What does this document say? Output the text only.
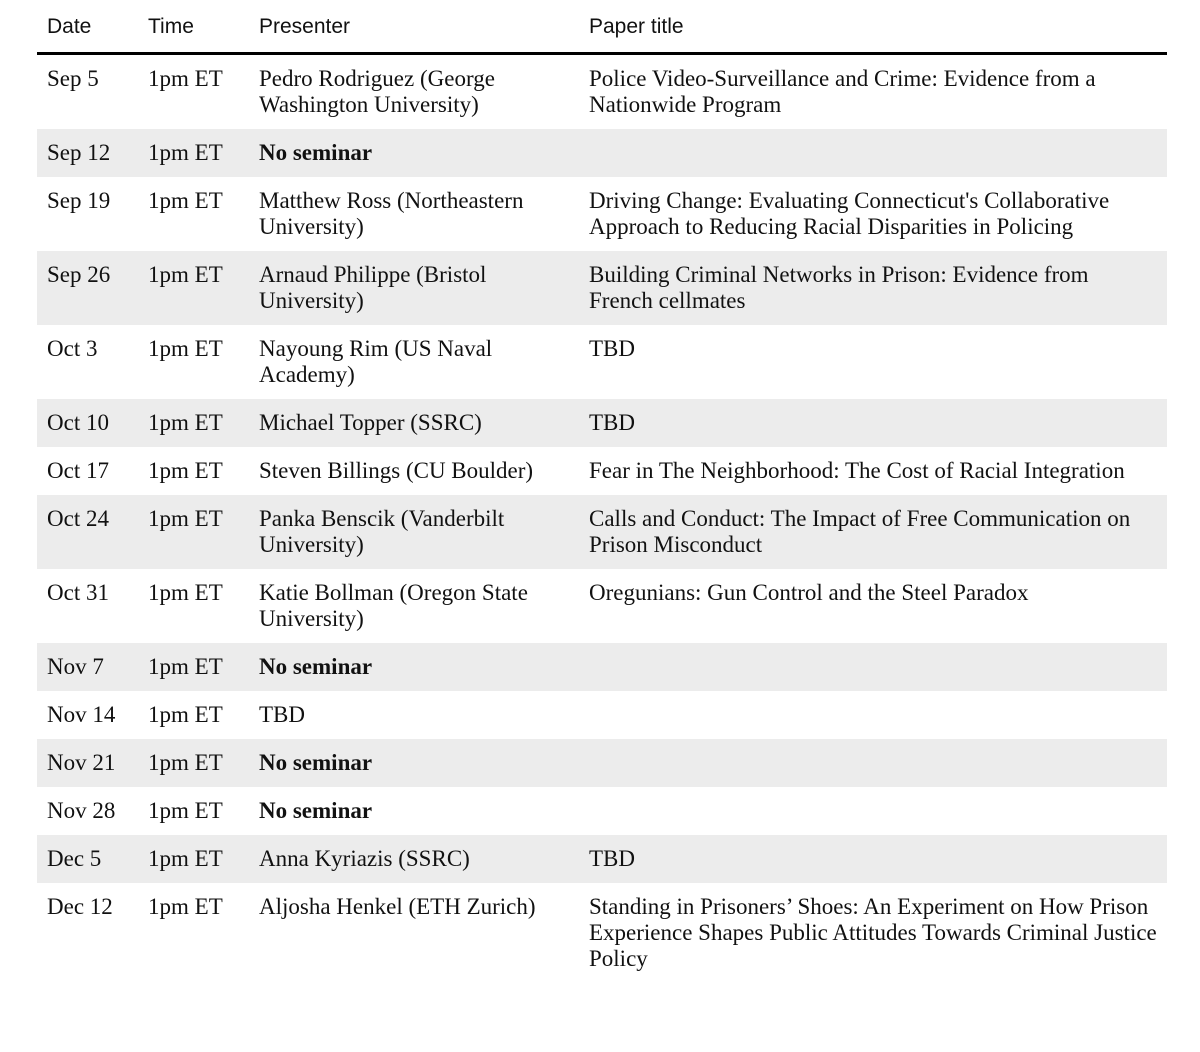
Date	Time	Presenter	Paper title
Sep 5	1pm ET	Pedro Rodriguez (George Washington University)	Police Video-Surveillance and Crime: Evidence from a Nationwide Program
Sep 12	1pm ET	No seminar	
Sep 19	1pm ET	Matthew Ross (Northeastern University)	Driving Change: Evaluating Connecticut's Collaborative Approach to Reducing Racial Disparities in Policing
Sep 26	1pm ET	Arnaud Philippe (Bristol University)	Building Criminal Networks in Prison: Evidence from French cellmates
Oct 3	1pm ET	Nayoung Rim (US Naval Academy)	TBD
Oct 10	1pm ET	Michael Topper (SSRC)	TBD
Oct 17	1pm ET	Steven Billings (CU Boulder)	Fear in The Neighborhood: The Cost of Racial Integration
Oct 24	1pm ET	Panka Benscik (Vanderbilt University)	Calls and Conduct: The Impact of Free Communication on Prison Misconduct
Oct 31	1pm ET	Katie Bollman (Oregon State University)	Oregunians: Gun Control and the Steel Paradox
Nov 7	1pm ET	No seminar	
Nov 14	1pm ET	TBD	
Nov 21	1pm ET	No seminar	
Nov 28	1pm ET	No seminar	
Dec 5	1pm ET	Anna Kyriazis (SSRC)	TBD
Dec 12	1pm ET	Aljosha Henkel (ETH Zurich)	Standing in Prisoners’ Shoes: An Experiment on How Prison Experience Shapes Public Attitudes Towards Criminal Justice Policy
